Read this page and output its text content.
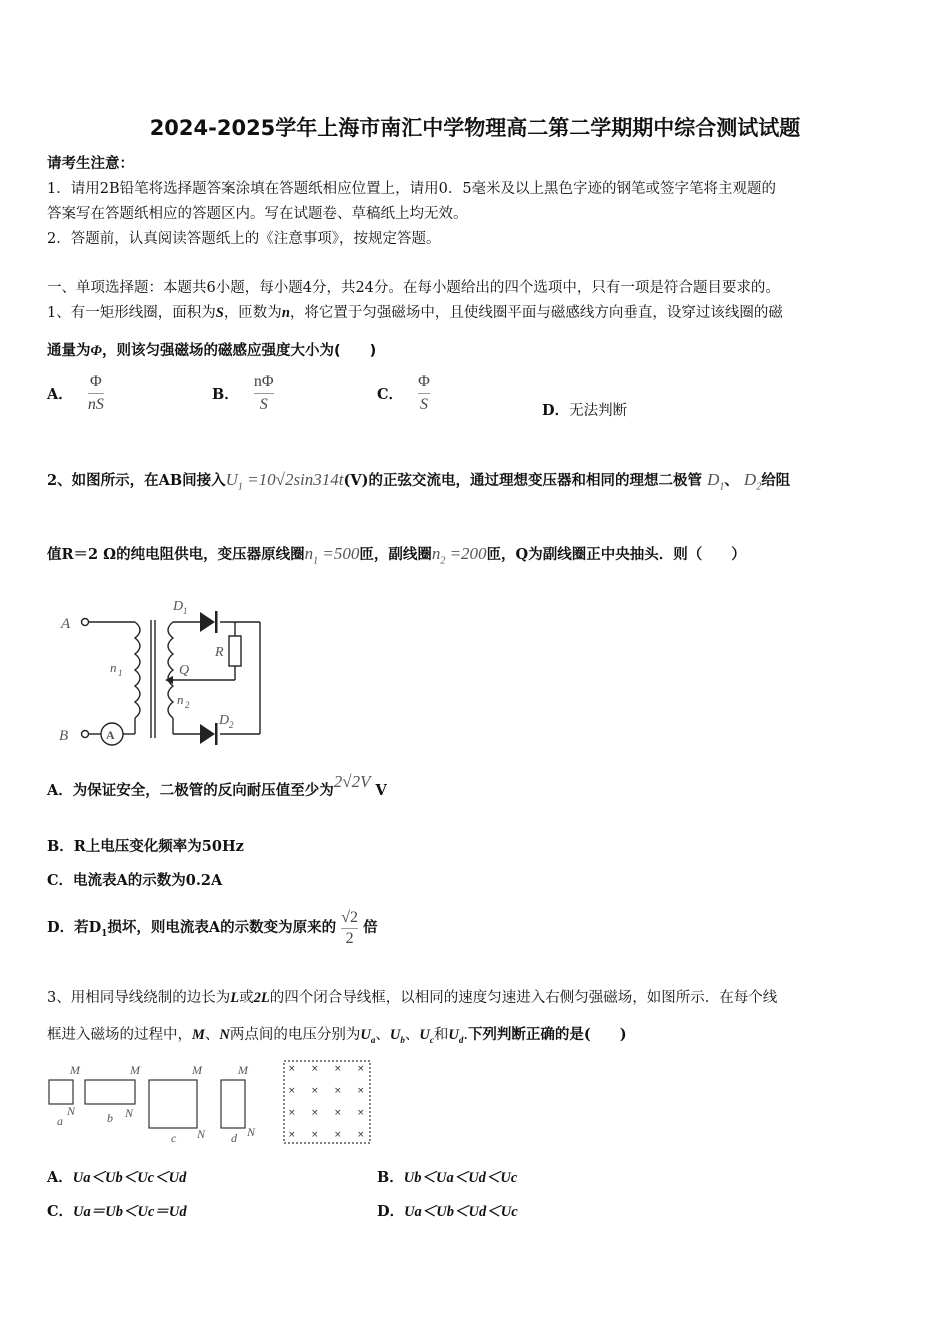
2024-2025学年上海市南汇中学物理高二第二学期期中综合测试试题
请考生注意：
1．请用2B铅笔将选择题答案涂填在答题纸相应位置上，请用0．5毫米及以上黑色字迹的钢笔或签字笔将主观题的
答案写在答题纸相应的答题区内。写在试题卷、草稿纸上均无效。
2．答题前，认真阅读答题纸上的《注意事项》，按规定答题。
一、单项选择题：本题共6小题，每小题4分，共24分。在每小题给出的四个选项中，只有一项是符合题目要求的。
1、有一矩形线圈，面积为S，匝数为n，将它置于匀强磁场中，且使线圈平面与磁感线方向垂直，设穿过该线圈的磁
通量为Φ，则该匀强磁场的磁感应强度大小为(　　)
A． $\frac{\Phi}{nS}$	B． $\frac{n\Phi}{S}$	C． $\frac{\Phi}{S}$	D．无法判断
2、如图所示，在AB间接入$U_1 =10√2\sin 314t(V)$的正弦交流电，通过理想变压器和相同的理想二极管 $D_1$、 $D_2$给阻
值R＝2 Ω的纯电阻供电，变压器原线圈$n_1 =500$匝，副线圈$n_2 =200$匝，Q为副线圈正中央抽头．则（　　）
A
B
n 1
n 2
Q
R
D 1
D 2
A
A．为保证安全，二极管的反向耐压值至少为2√2V V
B．R上电压变化频率为50Hz
C．电流表A的示数为0.2A
D．若$D_1$损坏，则电流表A的示数变为原来的 $\frac{√2}{2}$ 倍
3、用相同导线绕制的边长为L或2L的四个闭合导线框，以相同的速度匀速进入右侧匀强磁场，如图所示．在每个线
框进入磁场的过程中，M、N两点间的电压分别为$U_a$、$U_b$、$U_c$和$U_d$.下列判断正确的是(　　)
M
N
a
M
N
b
M
N
c
M
N
d
× × × ×
× × × ×
× × × ×
× × × ×
A．Ua＜Ub＜Uc＜Ud	B．Ub＜Ua＜Ud＜Uc
C．Ua＝Ub＜Uc＝Ud	D．Ua＜Ub＜Ud＜Uc
